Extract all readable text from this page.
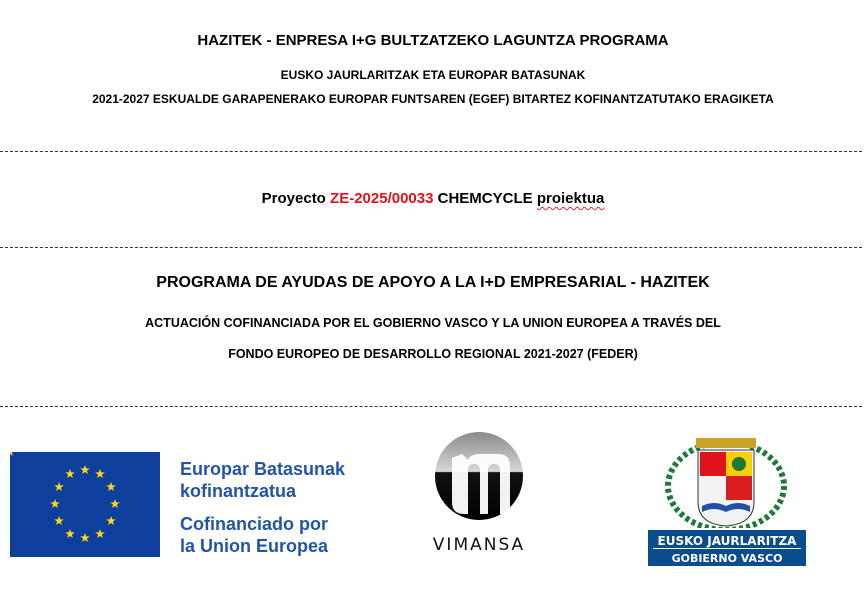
HAZITEK - ENPRESA I+G BULTZATZEKO LAGUNTZA PROGRAMA
EUSKO JAURLARITZAK ETA EUROPAR BATASUNAK
2021-2027 ESKUALDE GARAPENERAKO EUROPAR FUNTSAREN (EGEF) BITARTEZ KOFINANTZATUTAKO ERAGIKETA
Proyecto ZE-2025/00033 CHEMCYCLE proiektua
PROGRAMA DE AYUDAS DE APOYO A LA I+D EMPRESARIAL - HAZITEK
ACTUACIÓN COFINANCIADA POR EL GOBIERNO VASCO Y LA UNION EUROPEA A TRAVÉS DEL
FONDO EUROPEO DE DESARROLLO REGIONAL 2021-2027 (FEDER)
Europar Batasunak
kofinantzatua
Cofinanciado por
la Union Europea	VIMANSA	EUSKO JAURLARITZA
GOBIERNO VASCO
